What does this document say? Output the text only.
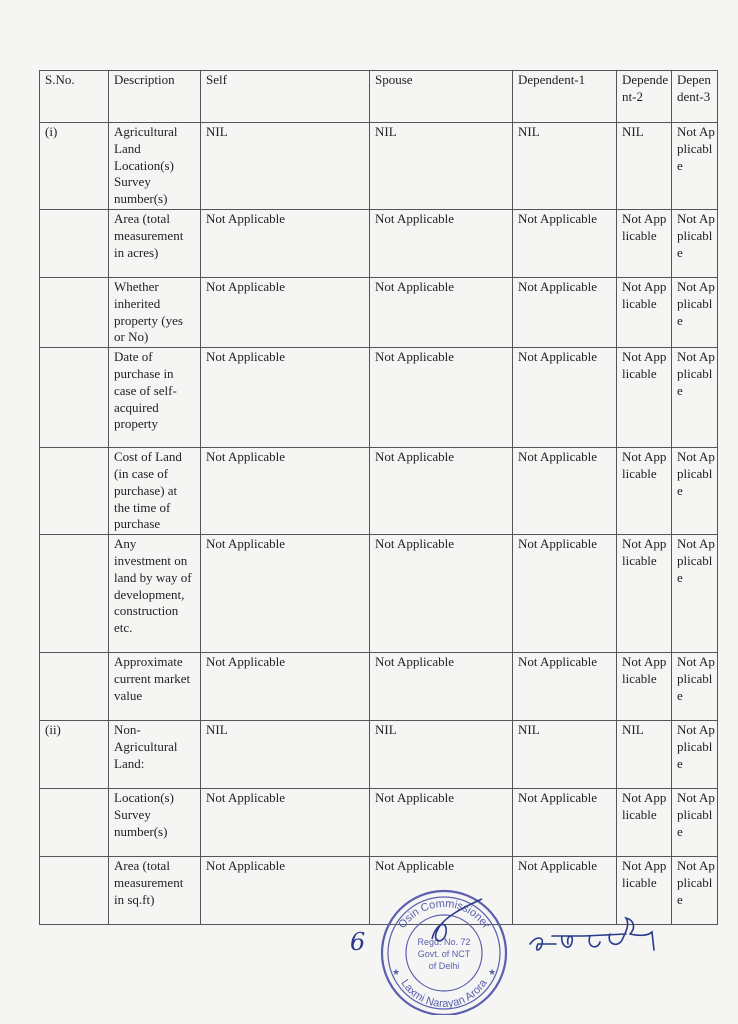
S.No.	Description	Self	Spouse	Dependent-1	Dependent-2	Dependent-3
(i)	Agricultural Land Location(s) Survey number(s)	NIL	NIL	NIL	NIL	Not Applicable
	Area (total measurement in acres)	Not Applicable	Not Applicable	Not Applicable	Not Applicable	Not Applicable
	Whether inherited property (yes or No)	Not Applicable	Not Applicable	Not Applicable	Not Applicable	Not Applicable
	Date of purchase in case of self-acquired property	Not Applicable	Not Applicable	Not Applicable	Not Applicable	Not Applicable
	Cost of Land (in case of purchase) at the time of purchase	Not Applicable	Not Applicable	Not Applicable	Not Applicable	Not Applicable
	Any investment on land by way of development, construction etc.	Not Applicable	Not Applicable	Not Applicable	Not Applicable	Not Applicable
	Approximate current market value	Not Applicable	Not Applicable	Not Applicable	Not Applicable	Not Applicable
(ii)	Non-Agricultural Land:	NIL	NIL	NIL	NIL	Not Applicable
	Location(s) Survey number(s)	Not Applicable	Not Applicable	Not Applicable	Not Applicable	Not Applicable
	Area (total measurement in sq.ft)	Not Applicable	Not Applicable	Not Applicable	Not Applicable	Not Applicable
6
Osin Commissioner
Laxmi Narayan Arora
Regd. No. 72
Govt. of NCT
of Delhi
★	★
